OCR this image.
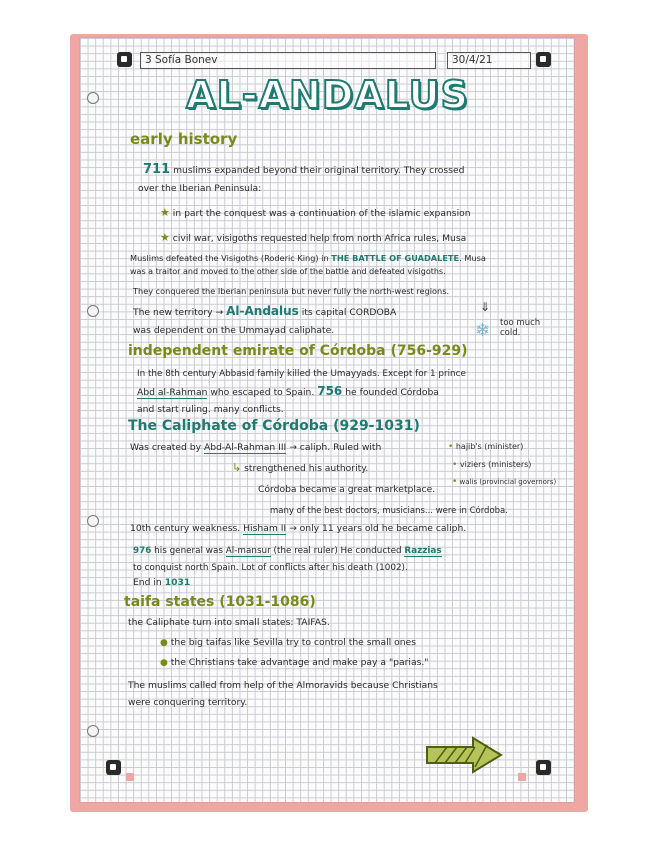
3 Sofía Bonev	30/4/21
AL-ANDALUS
early history
711 muslims expanded beyond their original territory. They crossed
over the Iberian Peninsula:
★ in part the conquest was a continuation of the islamic expansion
★ civil war, visigoths requested help from north Africa rules, Musa
Muslims defeated the Visigoths (Roderic King) in THE BATTLE OF GUADALETE. Musa
was a traitor and moved to the other side of the battle and defeated visigoths.
They conquered the Iberian peninsula but never fully the north-west regions.
The new territory → Al-Andalus its capital CORDOBA
was dependent on the Ummayad caliphate.
⇓
❄ too much cold.
independent emirate of Córdoba (756-929)
In the 8th century Abbasid family killed the Umayyads. Except for 1 prince
Abd al-Rahman who escaped to Spain. 756 he founded Córdoba
and start ruling. many conflicts.
The Caliphate of Córdoba (929-1031)
Was created by Abd-Al-Rahman III → caliph. Ruled with	• hajib's (minister)
• viziers (ministers)
• walis (provincial governors)
↳ strengthened his authority.
Córdoba became a great marketplace.
many of the best doctors, musicians... were in Córdoba.
10th century weakness. Hisham II → only 11 years old he became caliph.
976 his general was Al-mansur (the real ruler) He conducted Razzias
to conquist north Spain. Lot of conflicts after his death (1002).
End in 1031
taifa states (1031-1086)
the Caliphate turn into small states: TAIFAS.
● the big taifas like Sevilla try to control the small ones
● the Christians take advantage and make pay a "parias."
The muslims called from help of the Almoravids because Christians
were conquering territory.
